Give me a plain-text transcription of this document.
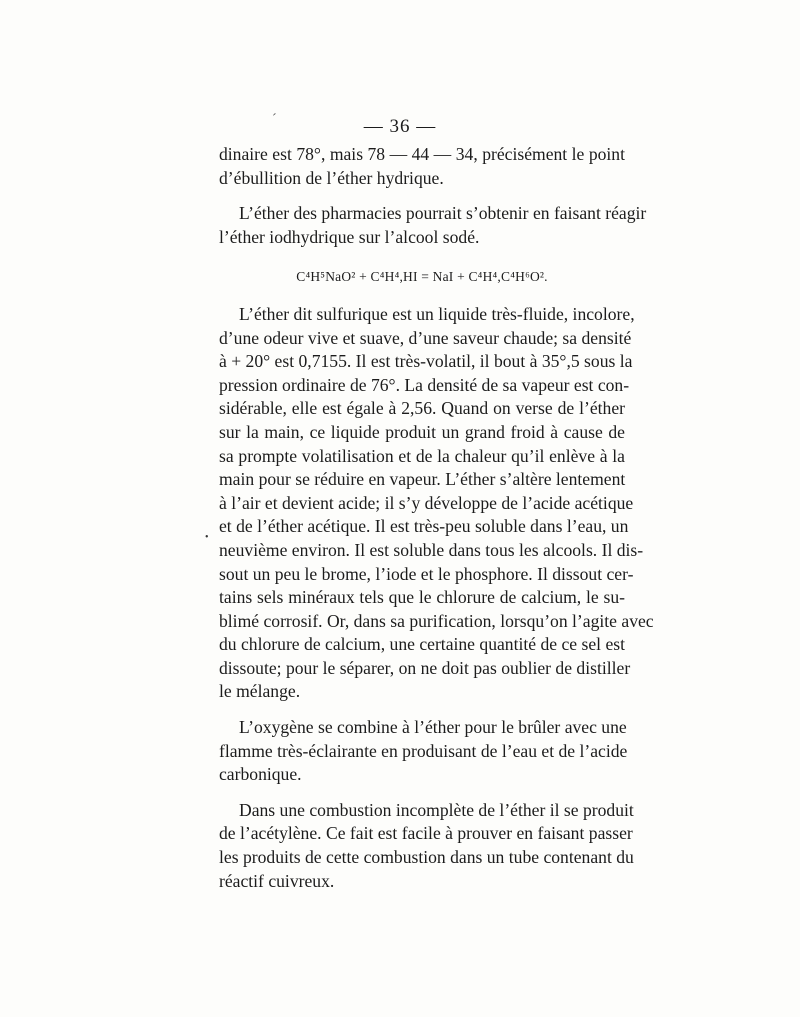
ˊ	— 36 —

dinaire est 78°, mais 78 — 44 — 34, précisément le point
d’ébullition de l’éther hydrique.

L’éther des pharmacies pourrait s’obtenir en faisant réagir
l’éther iodhydrique sur l’alcool sodé.

C⁴H⁵NaO² + C⁴H⁴,HI = NaI + C⁴H⁴,C⁴H⁶O².

L’éther dit sulfurique est un liquide très-fluide, incolore,
d’une odeur vive et suave, d’une saveur chaude; sa densité
à + 20° est 0,7155. Il est très-volatil, il bout à 35°,5 sous la
pression ordinaire de 76°. La densité de sa vapeur est con-
sidérable, elle est égale à 2,56. Quand on verse de l’éther
sur la main, ce liquide produit un grand froid à cause de
sa prompte volatilisation et de la chaleur qu’il enlève à la
main pour se réduire en vapeur. L’éther s’altère lentement
à l’air et devient acide; il s’y développe de l’acide acétique
et de l’éther acétique. Il est très-peu soluble dans l’eau, un
neuvième environ. Il est soluble dans tous les alcools. Il dis-
sout un peu le brome, l’iode et le phosphore. Il dissout cer-
tains sels minéraux tels que le chlorure de calcium, le su-
blimé corrosif. Or, dans sa purification, lorsqu’on l’agite avec
du chlorure de calcium, une certaine quantité de ce sel est
dissoute; pour le séparer, on ne doit pas oublier de distiller
le mélange.

L’oxygène se combine à l’éther pour le brûler avec une
flamme très-éclairante en produisant de l’eau et de l’acide
carbonique.

Dans une combustion incomplète de l’éther il se produit
de l’acétylène. Ce fait est facile à prouver en faisant passer
les produits de cette combustion dans un tube contenant du
réactif cuivreux.

•
